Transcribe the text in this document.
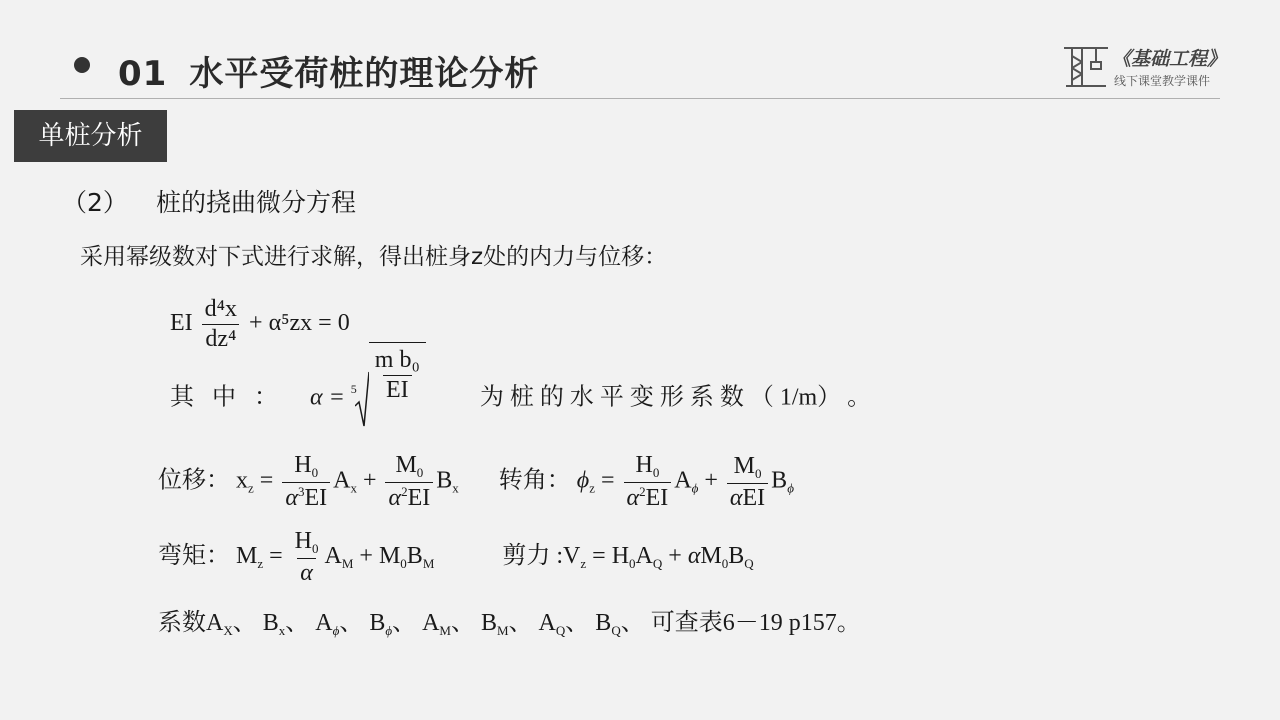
01 水平受荷桩的理论分析	《基础工程》
线下课堂教学课件
单桩分析
（2） 桩的挠曲微分方程
采用幂级数对下式进行求解，得出桩身z处的内力与位移：
EI $\frac{\text{d⁴x}}{\text{dz⁴}} + \alpha^5zx = 0$
其 中 ： $\alpha = 5 \frac{\text{m b₀}}{EI}$ 为 桩 的 水 平 变 形 系 数 （ 1/m） 。
位移： $x_z = \frac{H_0}{\alpha^3EI} A_x + \frac{M_0}{\alpha^2EI} B_x$ 转角： $\phi_z = \frac{H_0}{\alpha^2EI} A_\phi + \frac{M_0}{\text{αEI}} B_\phi$
弯矩： $M_z = \frac{H_0}{\alpha} A_M + M_0B_M$	剪力 $:V_z = H_0A_Q + \alpha M_0B_Q$
系数$A_X$、 $B_x$、 $A_\phi$、 $B_\phi$、 $A_M$、 $B_M$、 $A_Q$、 $B_Q$、 可查表6－19 p157。
